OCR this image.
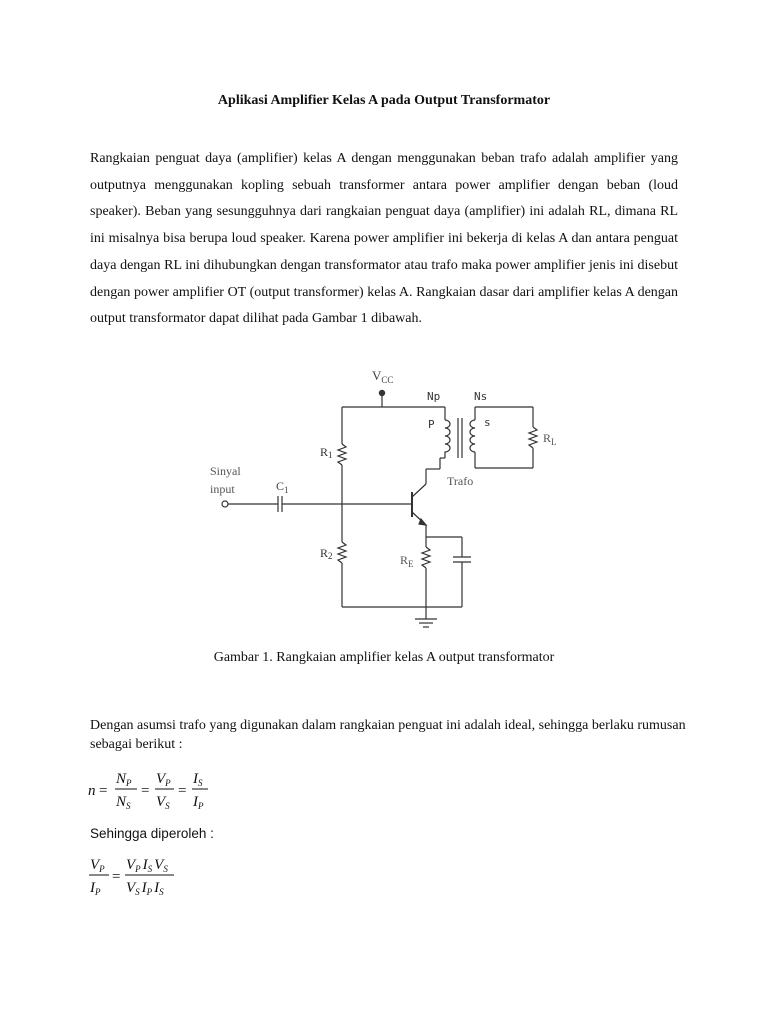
Aplikasi Amplifier Kelas A pada Output Transformator

Rangkaian penguat daya (amplifier) kelas A dengan menggunakan beban trafo adalah amplifier yang outputnya menggunakan kopling sebuah transformer antara power amplifier dengan beban (loud speaker). Beban yang sesungguhnya dari rangkaian penguat daya (amplifier) ini adalah RL, dimana RL ini misalnya bisa berupa loud speaker. Karena power amplifier ini bekerja di kelas A dan antara penguat daya dengan RL ini dihubungkan dengan transformator atau trafo maka power amplifier jenis ini disebut dengan power amplifier OT (output transformer) kelas A. Rangkaian dasar dari amplifier kelas A dengan output transformator dapat dilihat pada Gambar 1 dibawah.

$V_{CC}$
R1
R2
$C_1$
Sinyal
input
$R_L$
Np	Ns
P	s
Trafo
$R_E$
Gambar 1. Rangkaian amplifier kelas A output transformator

Dengan asumsi trafo yang digunakan dalam rangkaian penguat ini adalah ideal, sehingga berlaku rumusan sebagai berikut :

n =
$N_P$
$N_S$
=
$V_P$
$V_S$
=
$I_S$
$I_P$
Sehingga diperoleh :
$V_P$
$I_P$
=
$V_P$ $I_S$ $V_S$
$V_S$ $I_P$ $I_S$
